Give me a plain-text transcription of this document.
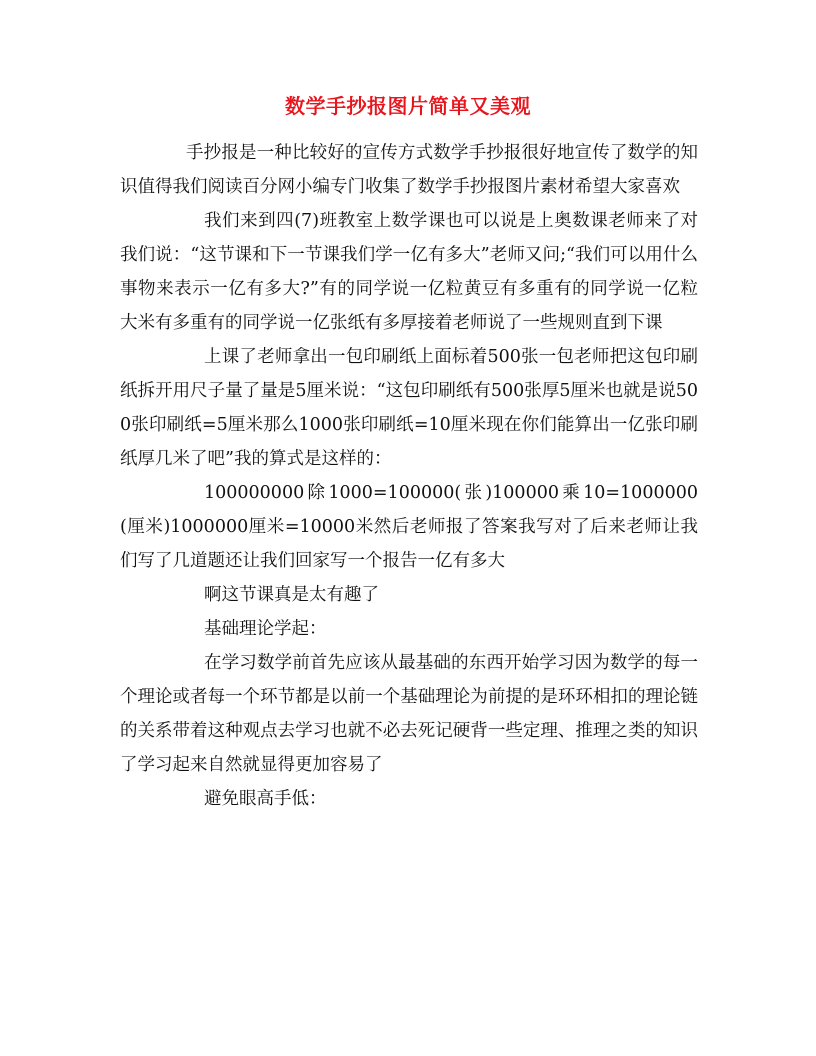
数学手抄报图片简单又美观

手抄报是一种比较好的宣传方式数学手抄报很好地宣传了数学的知识值得我们阅读百分网小编专门收集了数学手抄报图片素材希望大家喜欢

我们来到四(7)班教室上数学课也可以说是上奥数课老师来了对我们说：“这节课和下一节课我们学一亿有多大”老师又问;“我们可以用什么事物来表示一亿有多大?”有的同学说一亿粒黄豆有多重有的同学说一亿粒大米有多重有的同学说一亿张纸有多厚接着老师说了一些规则直到下课

上课了老师拿出一包印刷纸上面标着500张一包老师把这包印刷纸拆开用尺子量了量是5厘米说：“这包印刷纸有500张厚5厘米也就是说500张印刷纸=5厘米那么1000张印刷纸=10厘米现在你们能算出一亿张印刷纸厚几米了吧”我的算式是这样的：

100000000除1000=100000(张)100000乘10=1000000(厘米)1000000厘米=10000米然后老师报了答案我写对了后来老师让我们写了几道题还让我们回家写一个报告一亿有多大

啊这节课真是太有趣了

基础理论学起：

在学习数学前首先应该从最基础的东西开始学习因为数学的每一个理论或者每一个环节都是以前一个基础理论为前提的是环环相扣的理论链的关系带着这种观点去学习也就不必去死记硬背一些定理、推理之类的知识了学习起来自然就显得更加容易了

避免眼高手低：
